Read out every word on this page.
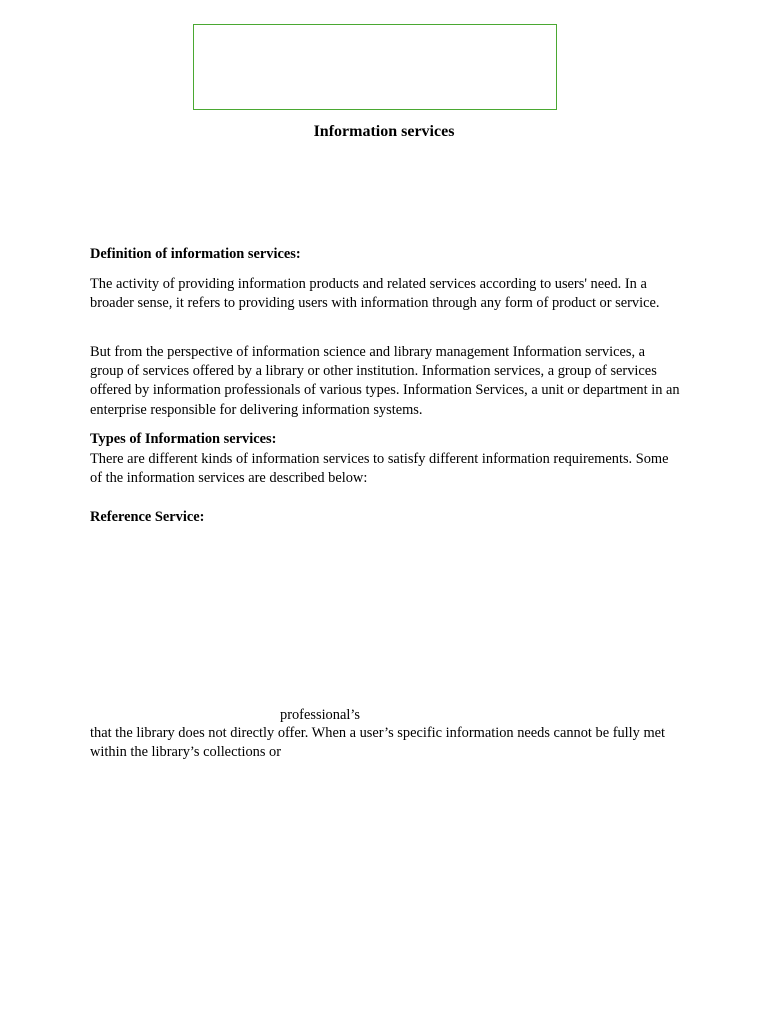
Information services

Definition of information services:

The activity of providing information products and related services according to users' need. In a broader sense, it refers to providing users with information through any form of product or service.

But from the perspective of information science and library management Information services, a group of services offered by a library or other institution. Information services, a group of services offered by information professionals of various types. Information Services, a unit or department in an enterprise responsible for delivering information systems.

Types of Information services:

There are different kinds of information services to satisfy different information requirements. Some of the information services are described below:

Reference Service:

professional’s

that the library does not directly offer. When a user’s specific information needs cannot be fully met within the library’s collections or
